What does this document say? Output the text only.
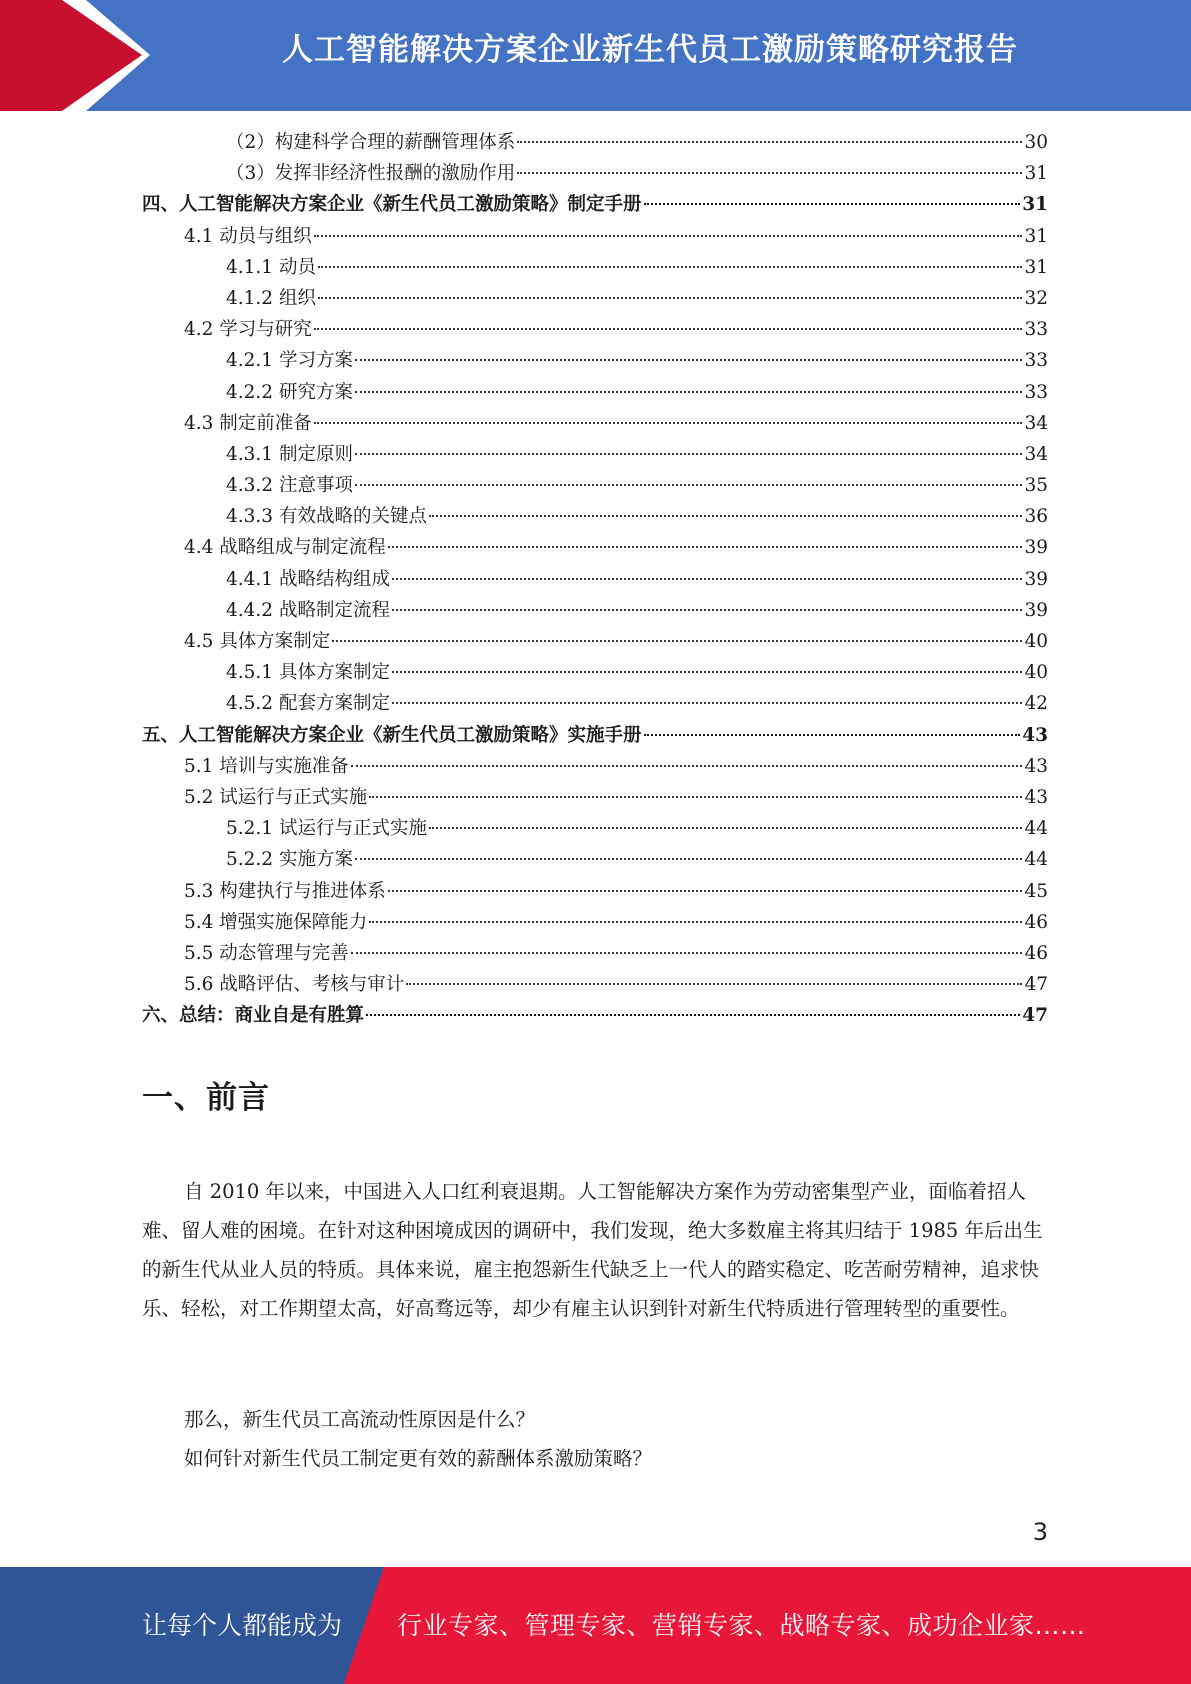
人工智能解决方案企业新生代员工激励策略研究报告
（2）构建科学合理的薪酬管理体系	30
（3）发挥非经济性报酬的激励作用	31
四、人工智能解决方案企业《新生代员工激励策略》制定手册	31
4.1 动员与组织	31
4.1.1 动员	31
4.1.2 组织	32
4.2 学习与研究	33
4.2.1 学习方案	33
4.2.2 研究方案	33
4.3 制定前准备	34
4.3.1 制定原则	34
4.3.2 注意事项	35
4.3.3 有效战略的关键点	36
4.4 战略组成与制定流程	39
4.4.1 战略结构组成	39
4.4.2 战略制定流程	39
4.5 具体方案制定	40
4.5.1 具体方案制定	40
4.5.2 配套方案制定	42
五、人工智能解决方案企业《新生代员工激励策略》实施手册	43
5.1 培训与实施准备	43
5.2 试运行与正式实施	43
5.2.1 试运行与正式实施	44
5.2.2 实施方案	44
5.3 构建执行与推进体系	45
5.4 增强实施保障能力	46
5.5 动态管理与完善	46
5.6 战略评估、考核与审计	47
六、总结：商业自是有胜算	47
一、前言
自 2010 年以来，中国进入人口红利衰退期。人工智能解决方案作为劳动密集型产业，面临着招人难、留人难的困境。在针对这种困境成因的调研中，我们发现，绝大多数雇主将其归结于 1985 年后出生的新生代从业人员的特质。具体来说，雇主抱怨新生代缺乏上一代人的踏实稳定、吃苦耐劳精神，追求快乐、轻松，对工作期望太高，好高骛远等，却少有雇主认识到针对新生代特质进行管理转型的重要性。
那么，新生代员工高流动性原因是什么？
如何针对新生代员工制定更有效的薪酬体系激励策略？
3
让每个人都能成为 行业专家、管理专家、营销专家、战略专家、成功企业家……
